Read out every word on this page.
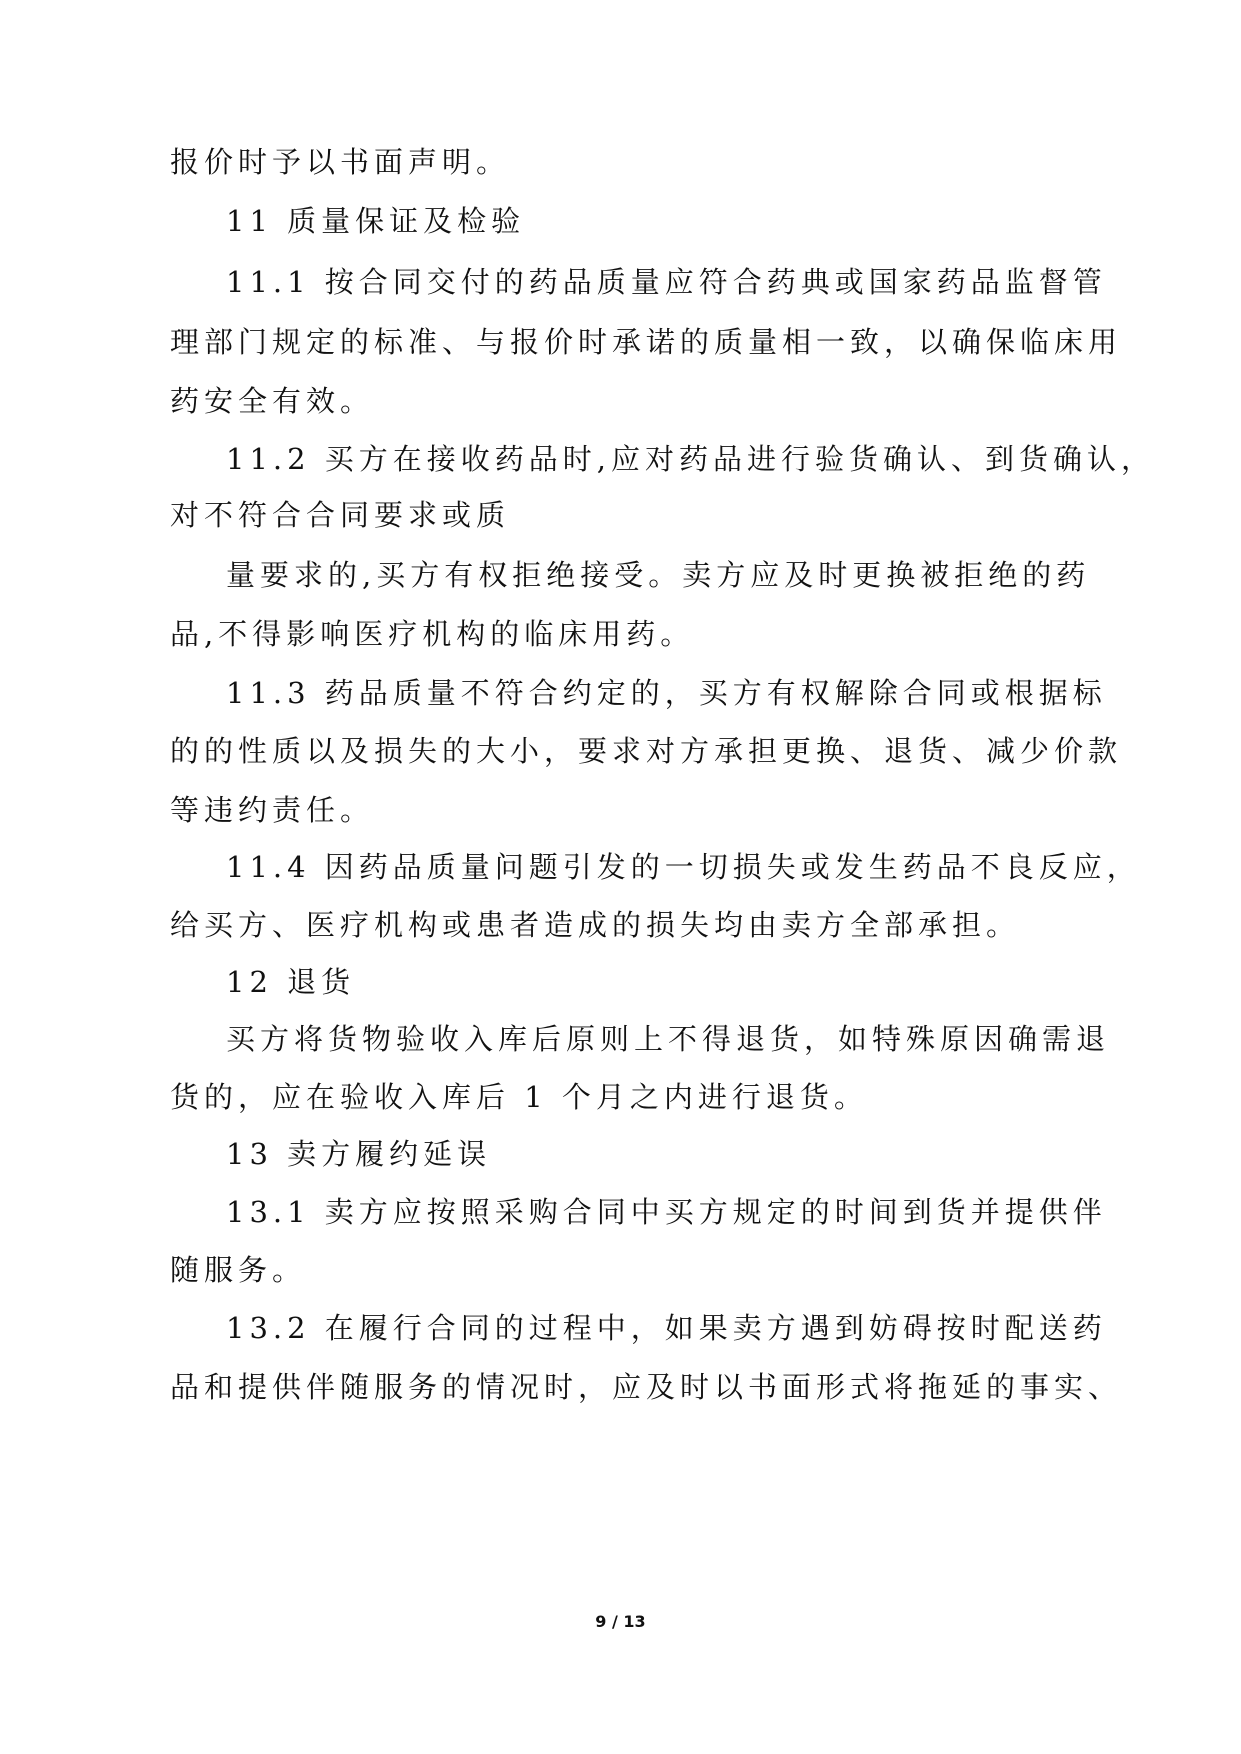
报价时予以书面声明。
11 质量保证及检验
11.1 按合同交付的药品质量应符合药典或国家药品监督管
理部门规定的标准、与报价时承诺的质量相一致，以确保临床用
药安全有效。
11.2 买方在接收药品时,应对药品进行验货确认、到货确认，
对不符合合同要求或质
量要求的,买方有权拒绝接受。卖方应及时更换被拒绝的药
品,不得影响医疗机构的临床用药。
11.3 药品质量不符合约定的，买方有权解除合同或根据标
的的性质以及损失的大小，要求对方承担更换、退货、减少价款
等违约责任。
11.4 因药品质量问题引发的一切损失或发生药品不良反应，
给买方、医疗机构或患者造成的损失均由卖方全部承担。
12 退货
买方将货物验收入库后原则上不得退货，如特殊原因确需退
货的，应在验收入库后 1 个月之内进行退货。
13 卖方履约延误
13.1 卖方应按照采购合同中买方规定的时间到货并提供伴
随服务。
13.2 在履行合同的过程中，如果卖方遇到妨碍按时配送药
品和提供伴随服务的情况时，应及时以书面形式将拖延的事实、
9 / 13
